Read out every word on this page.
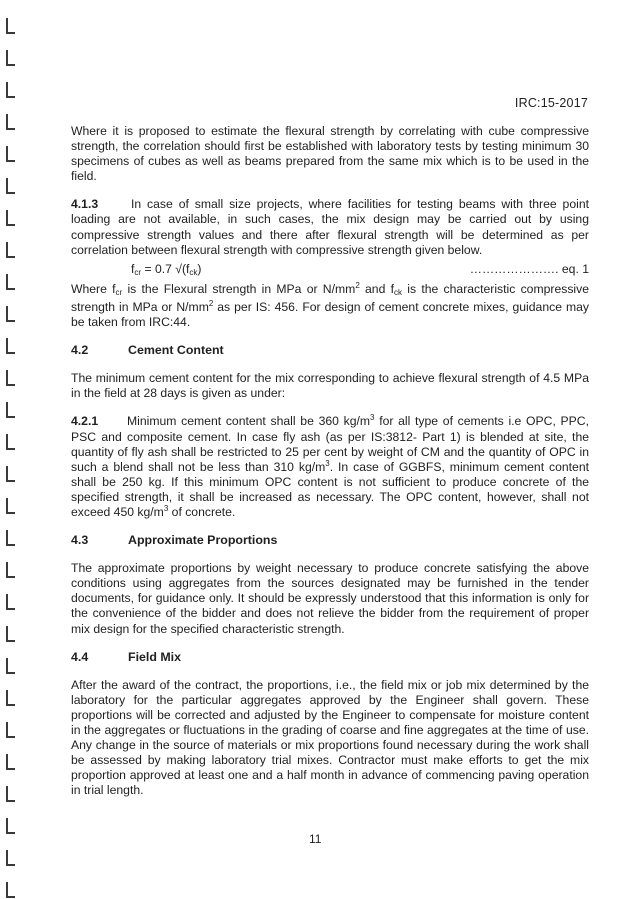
IRC:15-2017

Where it is proposed to estimate the flexural strength by correlating with cube compressive strength, the correlation should first be established with laboratory tests by testing minimum 30 specimens of cubes as well as beams prepared from the same mix which is to be used in the field.

4.1.3	In case of small size projects, where facilities for testing beams with three point loading are not available, in such cases, the mix design may be carried out by using compressive strength values and there after flexural strength will be determined as per correlation between flexural strength with compressive strength given below.

$f_{cr} = 0.7$ $√(f_{ck})$	…………………. eq. 1

Where $f_{cr}$ is the Flexural strength in MPa or $N/mm^2$ and $f_{ck}$ is the characteristic compressive strength in MPa or $N/mm^2$ as per IS: 456. For design of cement concrete mixes, guidance may be taken from IRC:44.

4.2	Cement Content

The minimum cement content for the mix corresponding to achieve flexural strength of 4.5 MPa in the field at 28 days is given as under:

4.2.1 Minimum cement content shall be 360 $kg/m^3$ for all type of cements i.e OPC, PPC, PSC and composite cement. In case fly ash (as per IS:3812- Part 1) is blended at site, the quantity of fly ash shall be restricted to 25 per cent by weight of CM and the quantity of OPC in such a blend shall not be less than 310 $kg/m^3$. In case of GGBFS, minimum cement content shall be 250 kg. If this minimum OPC content is not sufficient to produce concrete of the specified strength, it shall be increased as necessary. The OPC content, however, shall not exceed 450 $kg/m^3$ of concrete.

4.3	Approximate Proportions

The approximate proportions by weight necessary to produce concrete satisfying the above conditions using aggregates from the sources designated may be furnished in the tender documents, for guidance only. It should be expressly understood that this information is only for the convenience of the bidder and does not relieve the bidder from the requirement of proper mix design for the specified characteristic strength.

4.4	Field Mix

After the award of the contract, the proportions, i.e., the field mix or job mix determined by the laboratory for the particular aggregates approved by the Engineer shall govern. These proportions will be corrected and adjusted by the Engineer to compensate for moisture content in the aggregates or fluctuations in the grading of coarse and fine aggregates at the time of use. Any change in the source of materials or mix proportions found necessary during the work shall be assessed by making laboratory trial mixes. Contractor must make efforts to get the mix proportion approved at least one and a half month in advance of commencing paving operation in trial length.

11
